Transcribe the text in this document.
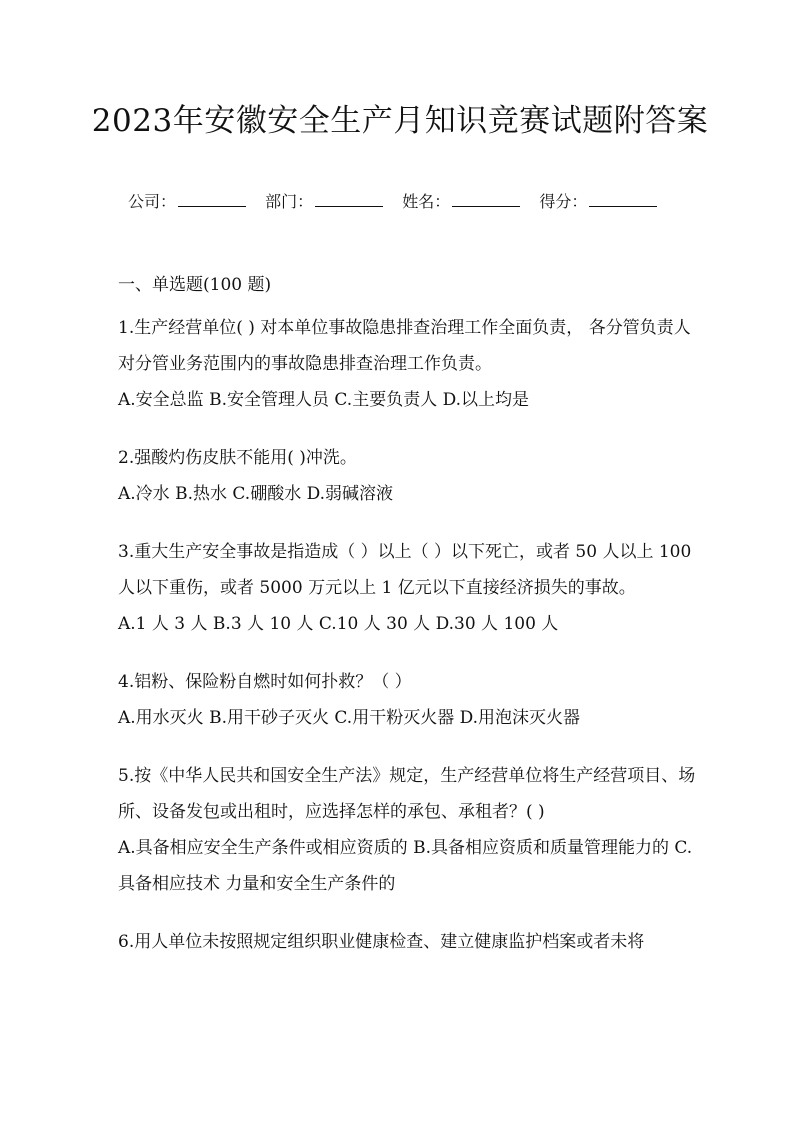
2023年安徽安全生产月知识竞赛试题附答案
公司：	部门：	姓名：	得分：
一、单选题(100 题)

1.生产经营单位( ) 对本单位事故隐患排查治理工作全面负责， 各分管负责人对分管业务范围内的事故隐患排查治理工作负责。

A.安全总监 B.安全管理人员 C.主要负责人 D.以上均是

2.强酸灼伤皮肤不能用( )冲洗。

A.冷水 B.热水 C.硼酸水 D.弱碱溶液

3.重大生产安全事故是指造成（ ）以上（ ）以下死亡，或者 50 人以上 100 人以下重伤，或者 5000 万元以上 1 亿元以下直接经济损失的事故。

A.1 人 3 人 B.3 人 10 人 C.10 人 30 人 D.30 人 100 人

4.铝粉、保险粉自燃时如何扑救？（ ）

A.用水灭火 B.用干砂子灭火 C.用干粉灭火器 D.用泡沫灭火器

5.按《中华人民共和国安全生产法》规定，生产经营单位将生产经营项目、场所、设备发包或出租时，应选择怎样的承包、承租者？( )

A.具备相应安全生产条件或相应资质的 B.具备相应资质和质量管理能力的 C.具备相应技术 力量和安全生产条件的

6.用人单位未按照规定组织职业健康检查、建立健康监护档案或者未将
